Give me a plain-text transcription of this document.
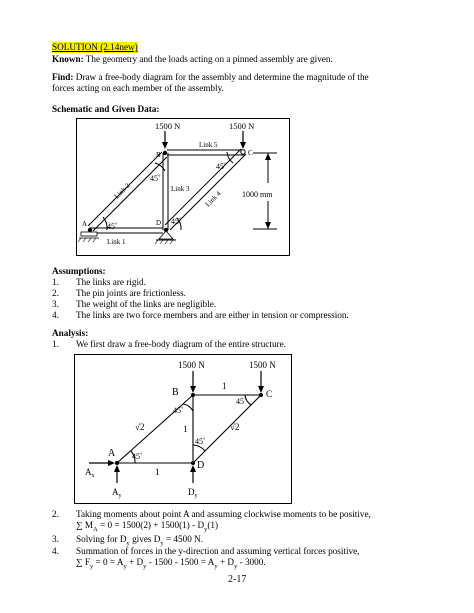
SOLUTION (2.14new)
Known: The geometry and the loads acting on a pinned assembly are given.
Find: Draw a free-body diagram for the assembly and determine the magnitude of the
forces acting on each member of the assembly.
Schematic and Given Data:
1500 N	1500 N
B	C
A	D
Link 5
Link 3
Link 1
Link 2	Link 4
45˚
45˚
45˚
45˚
1000 mm
Assumptions:
1. The links are rigid.
2. The pin joints are frictionless.
3. The weight of the links are negligible.
4. The links are two force members and are either in tension or compression.
Analysis:
1. We first draw a free-body diagram of the entire structure.
1500 N	1500 N
B	C
A
D
1
1
1
√2	√2
45˚
45˚
45˚
45˚
$A_x$
$A_y$	$D_y$
2. Taking moments about point A and assuming clockwise moments to be positive,
∑ $M_A = 0 = 1500(2) + 1500(1) - D_y(1)$
3. Solving for $D_y$ gives $D_y = 4500$ N.
4. Summation of forces in the y-direction and assuming vertical forces positive,
∑ $F_y = 0 = A_y + D_y - 1500 - 1500 = A_y + D_y - 3000$.
2-17
